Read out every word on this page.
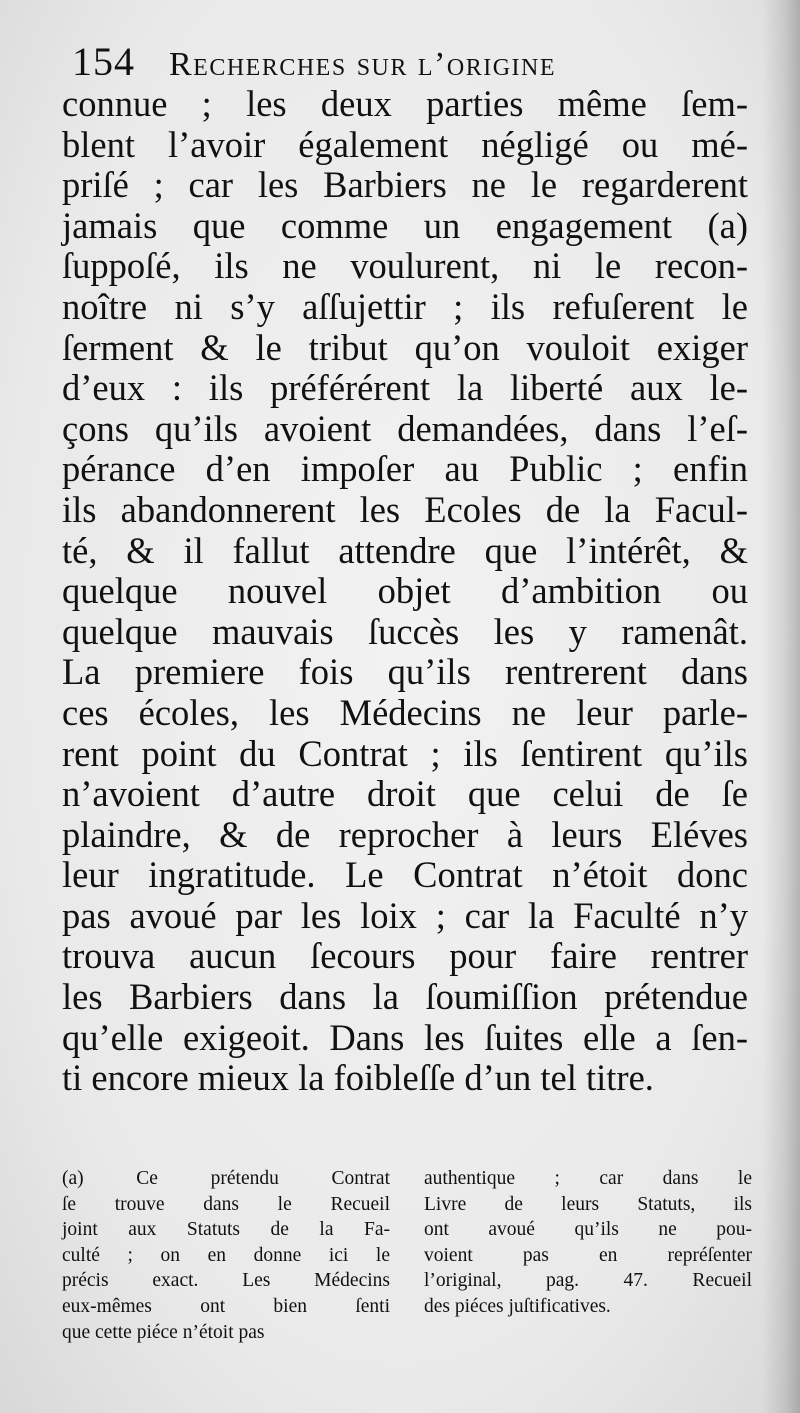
154 Recherches sur l’origine
connue ; les deux parties même ſem-
blent l’avoir également négligé ou mé-
priſé ; car les Barbiers ne le regarderent
jamais que comme un engagement (a)
ſuppoſé, ils ne voulurent, ni le recon-
noître ni s’y aſſujettir ; ils refuſerent le
ſerment & le tribut qu’on vouloit exiger
d’eux : ils préférérent la liberté aux le-
çons qu’ils avoient demandées, dans l’eſ-
pérance d’en impoſer au Public ; enfin
ils abandonnerent les Ecoles de la Facul-
té, & il fallut attendre que l’intérêt, &
quelque nouvel objet d’ambition ou
quelque mauvais ſuccès les y ramenât.
La premiere fois qu’ils rentrerent dans
ces écoles, les Médecins ne leur parle-
rent point du Contrat ; ils ſentirent qu’ils
n’avoient d’autre droit que celui de ſe
plaindre, & de reprocher à leurs Eléves
leur ingratitude. Le Contrat n’étoit donc
pas avoué par les loix ; car la Faculté n’y
trouva aucun ſecours pour faire rentrer
les Barbiers dans la ſoumiſſion prétendue
qu’elle exigeoit. Dans les ſuites elle a ſen-
ti encore mieux la foibleſſe d’un tel titre.
(a) Ce prétendu Contrat
ſe trouve dans le Recueil
joint aux Statuts de la Fa-
culté ; on en donne ici le
précis exact. Les Médecins
eux-mêmes ont bien ſenti
que cette piéce n’étoit pas
authentique ; car dans le
Livre de leurs Statuts, ils
ont avoué qu’ils ne pou-
voient pas en repréſenter
l’original, pag. 47. Recueil
des piéces juſtificatives.
